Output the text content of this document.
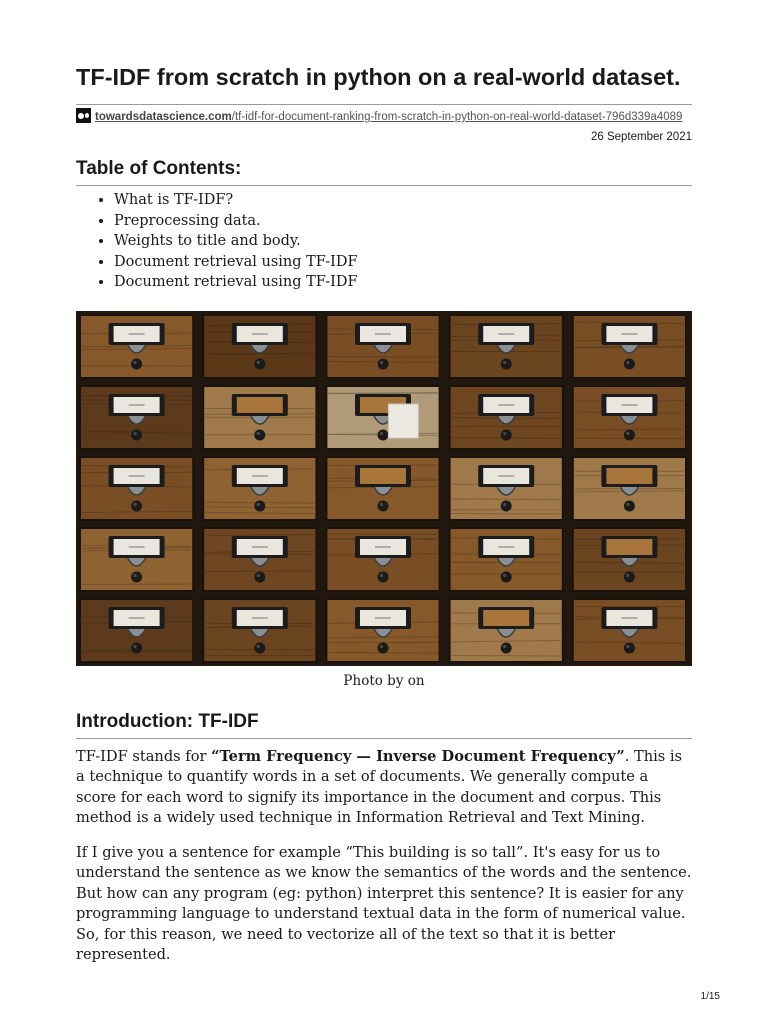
TF-IDF from scratch in python on a real-world dataset.
towardsdatascience.com/tf-idf-for-document-ranking-from-scratch-in-python-on-real-world-dataset-796d339a4089
26 September 2021
Table of Contents:
• What is TF-IDF?
• Preprocessing data.
• Weights to title and body.
• Document retrieval using TF-IDF
• Document retrieval using TF-IDF
Photo by on
Introduction: TF-IDF

TF-IDF stands for “Term Frequency — Inverse Document Frequency”. This is a technique to quantify words in a set of documents. We generally compute a score for each word to signify its importance in the document and corpus. This method is a widely used technique in Information Retrieval and Text Mining.

If I give you a sentence for example “This building is so tall”. It's easy for us to understand the sentence as we know the semantics of the words and the sentence. But how can any program (eg: python) interpret this sentence? It is easier for any programming language to understand textual data in the form of numerical value. So, for this reason, we need to vectorize all of the text so that it is better represented.

1/15
